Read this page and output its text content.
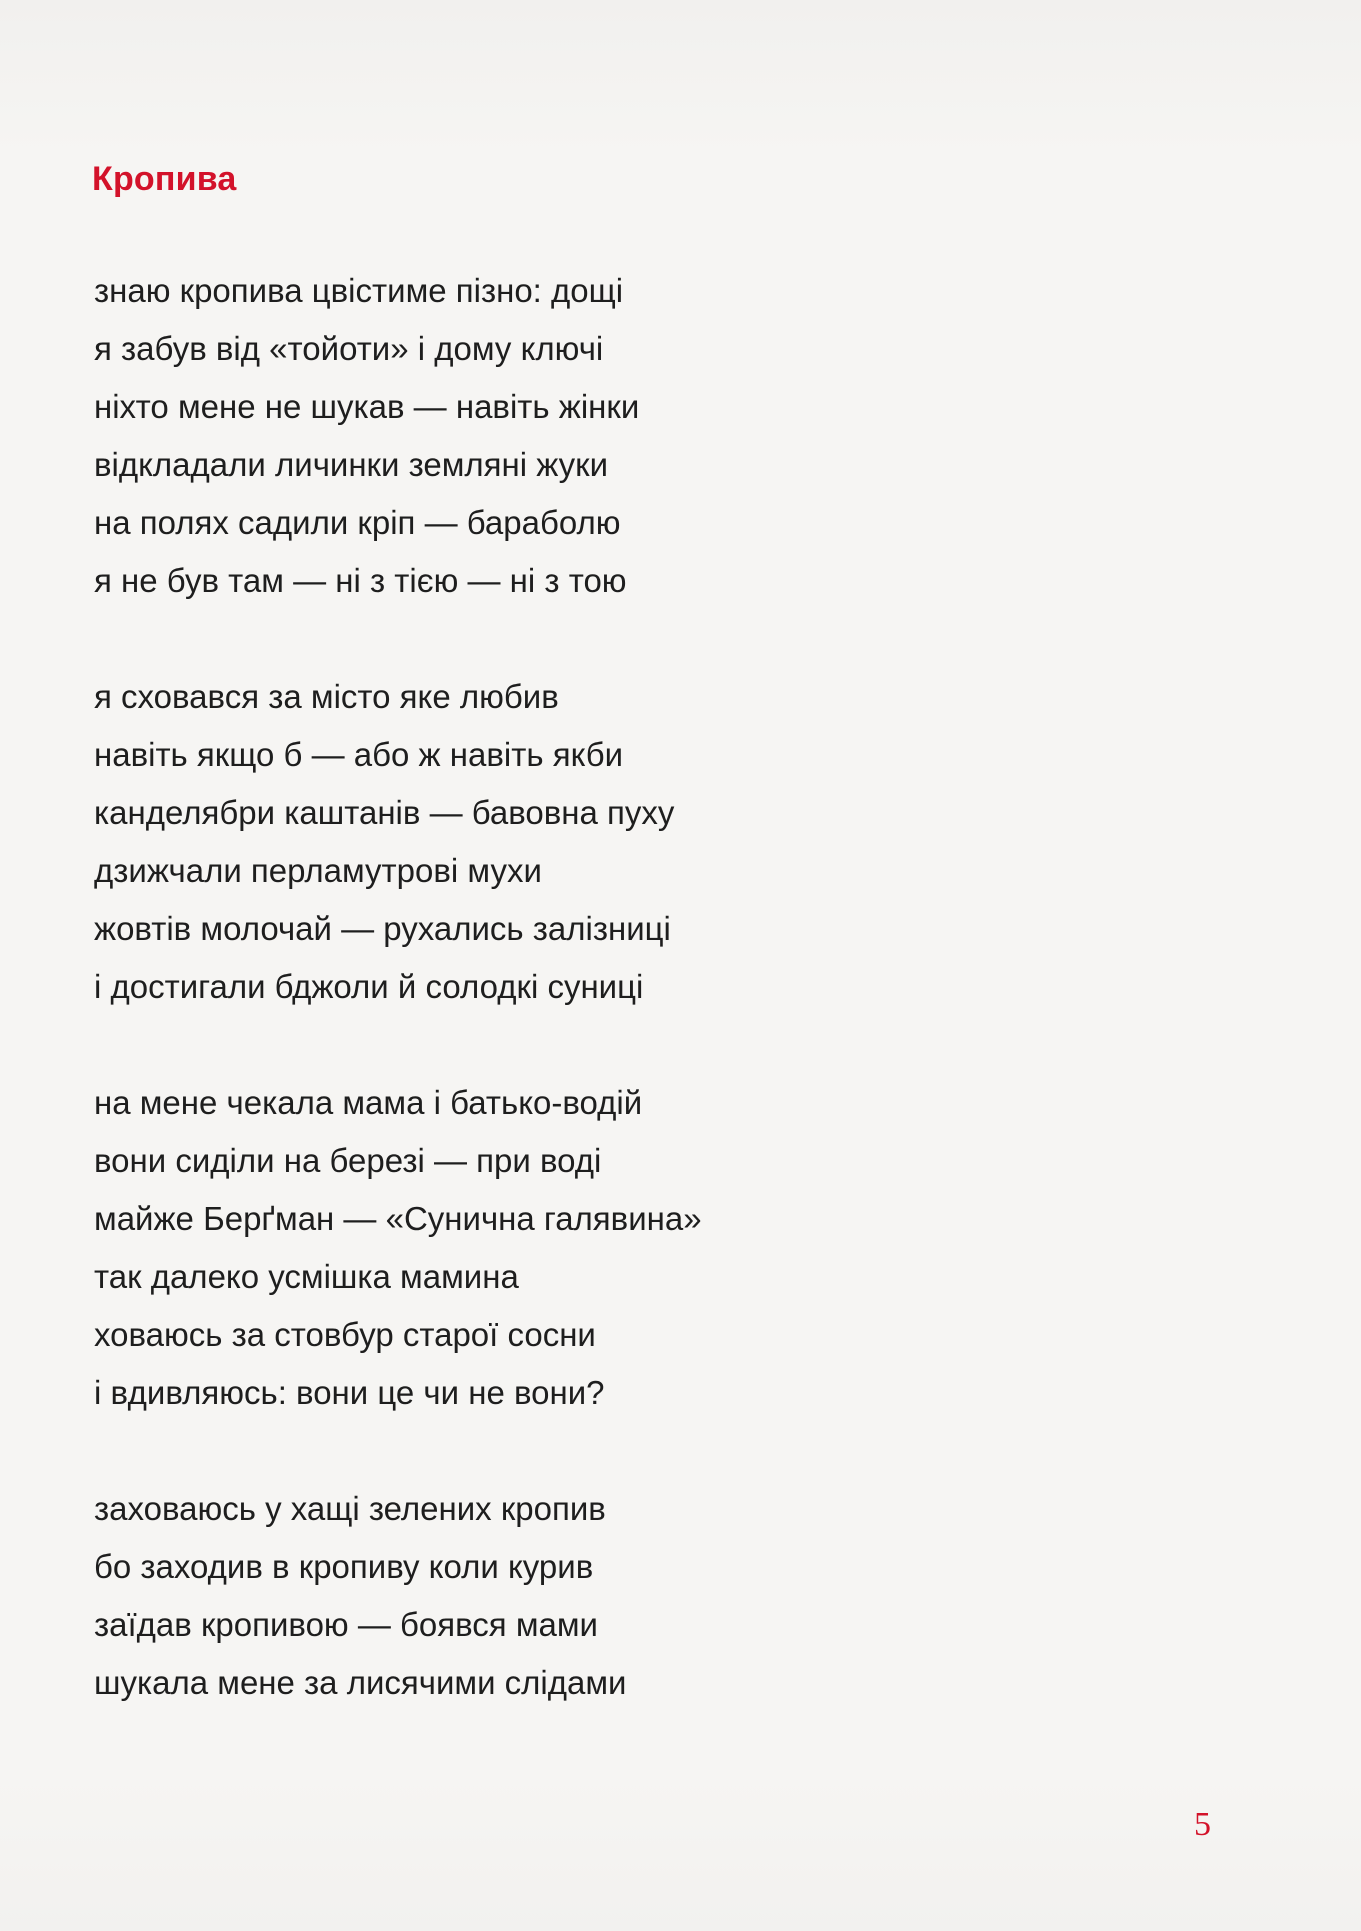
Кропива
знаю кропива цвістиме пізно: дощі
я забув від «тойоти» і дому ключі
ніхто мене не шукав — навіть жінки
відкладали личинки земляні жуки
на полях садили кріп — бараболю
я не був там — ні з тією — ні з тою
я сховався за місто яке любив
навіть якщо б — або ж навіть якби
канделябри каштанів — бавовна пуху
дзижчали перламутрові мухи
жовтів молочай — рухались залізниці
і достигали бджоли й солодкі суниці
на мене чекала мама і батько-водій
вони сиділи на березі — при воді
майже Берґман — «Сунична галявина»
так далеко усмішка мамина
ховаюсь за стовбур старої сосни
і вдивляюсь: вони це чи не вони?
заховаюсь у хащі зелених кропив
бо заходив в кропиву коли курив
заїдав кропивою — боявся мами
шукала мене за лисячими слідами
5
